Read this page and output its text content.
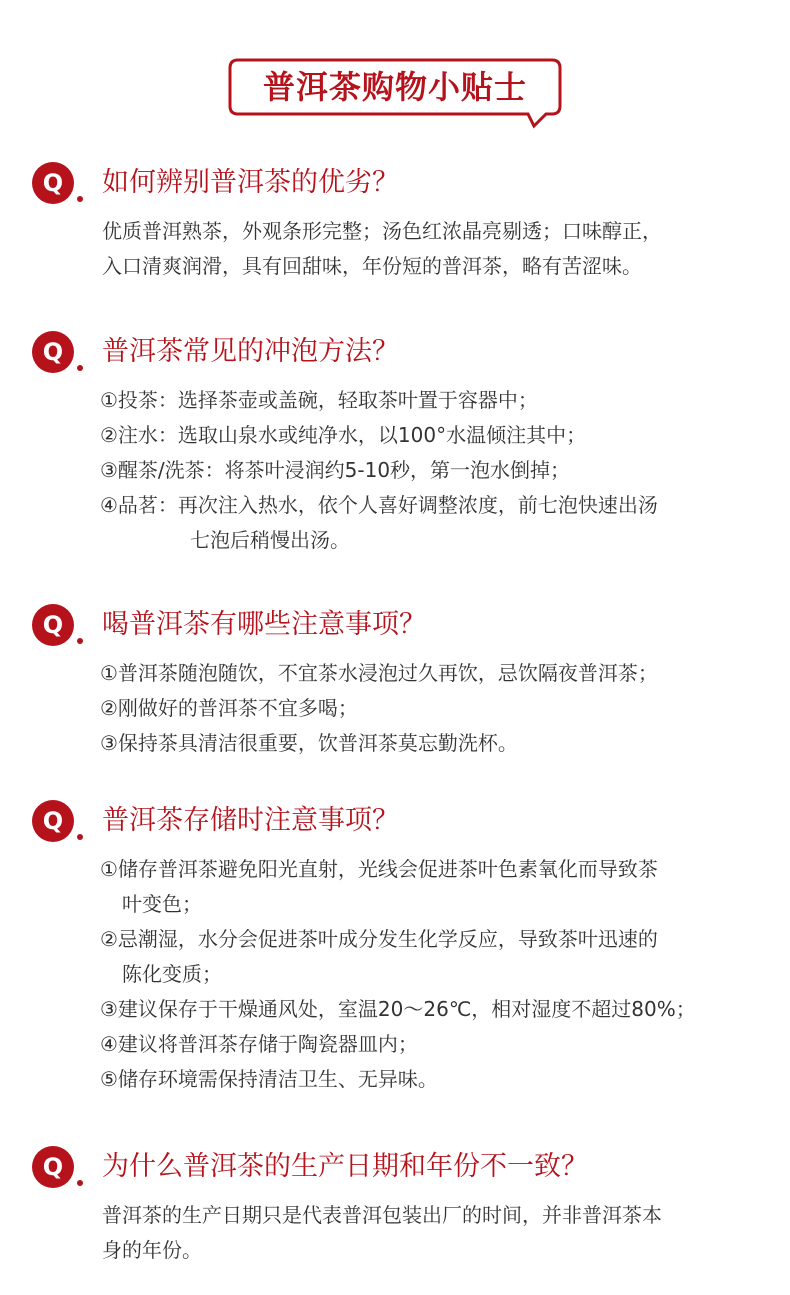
普洱茶购物小贴士
Q 如何辨别普洱茶的优劣？
优质普洱熟茶，外观条形完整；汤色红浓晶亮剔透；口味醇正，
入口清爽润滑，具有回甜味，年份短的普洱茶，略有苦涩味。
Q 普洱茶常见的冲泡方法？
①投茶：选择茶壶或盖碗，轻取茶叶置于容器中；
②注水：选取山泉水或纯净水，以100°水温倾注其中；
③醒茶/洗茶：将茶叶浸润约5-10秒，第一泡水倒掉；
④品茗：再次注入热水，依个人喜好调整浓度，前七泡快速出汤
七泡后稍慢出汤。
Q 喝普洱茶有哪些注意事项？
①普洱茶随泡随饮，不宜茶水浸泡过久再饮，忌饮隔夜普洱茶；
②刚做好的普洱茶不宜多喝；
③保持茶具清洁很重要，饮普洱茶莫忘勤洗杯。
Q 普洱茶存储时注意事项？
①储存普洱茶避免阳光直射，光线会促进茶叶色素氧化而导致茶
叶变色；
②忌潮湿，水分会促进茶叶成分发生化学反应，导致茶叶迅速的
陈化变质；
③建议保存于干燥通风处，室温20～26℃，相对湿度不超过80%；
④建议将普洱茶存储于陶瓷器皿内；
⑤储存环境需保持清洁卫生、无异味。
Q 为什么普洱茶的生产日期和年份不一致？
普洱茶的生产日期只是代表普洱包装出厂的时间，并非普洱茶本
身的年份。
